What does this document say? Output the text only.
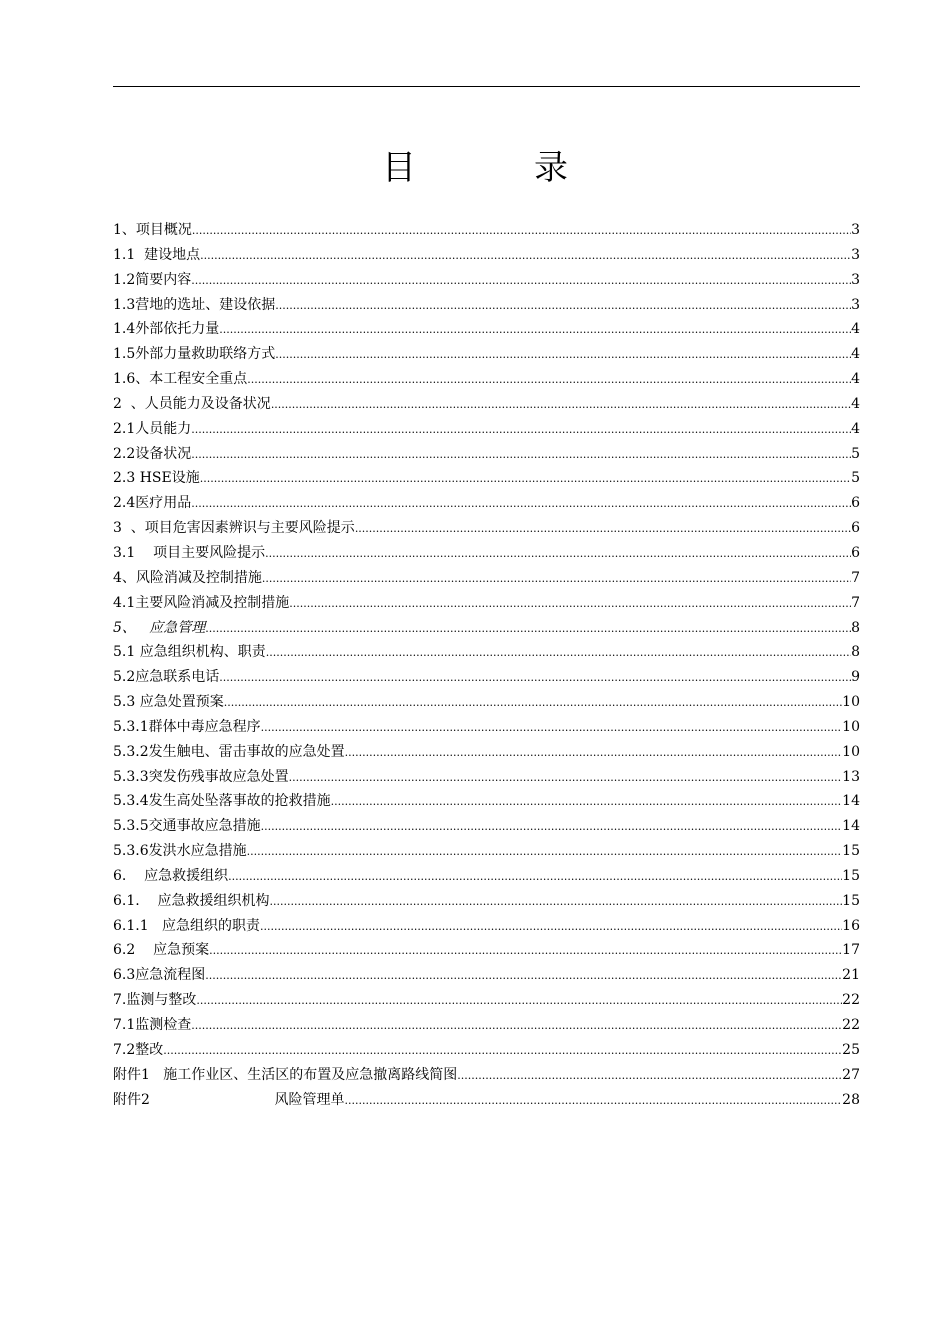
目	录
1、项目概况 .....	3
1.1  建设地点 .....	3
1.2简要内容 .....	3
1.3营地的选址、建设依据 .....	3
1.4外部依托力量 .....	4
1.5外部力量救助联络方式 .....	4
1.6、本工程安全重点 .....	4
2  、人员能力及设备状况 .....	4
2.1人员能力 .....	4
2.2设备状况 .....	5
2.3 HSE设施 .....	5
2.4医疗用品 .....	6
3  、项目危害因素辨识与主要风险提示 .....	6
3.1    项目主要风险提示 .....	6
4、风险消减及控制措施 .....	7
4.1主要风险消减及控制措施 .....	7
5、   应急管理 .....	8
5.1 应急组织机构、职责 .....	8
5.2应急联系电话 .....	9
5.3 应急处置预案 .....	10
5.3.1群体中毒应急程序 .....	10
5.3.2发生触电、雷击事故的应急处置 .....	10
5.3.3突发伤残事故应急处置 .....	13
5.3.4发生高处坠落事故的抢救措施 .....	14
5.3.5交通事故应急措施 .....	14
5.3.6发洪水应急措施 .....	15
6.    应急救援组织 .....	15
6.1.    应急救援组织机构 .....	15
6.1.1   应急组织的职责 .....	16
6.2    应急预案 .....	17
6.3应急流程图 .....	21
7.监测与整改 .....	22
7.1监测检查 .....	22
7.2整改 .....	25
附件1   施工作业区、生活区的布置及应急撤离路线简图 .....	27
附件2                            风险管理单 .....	28
